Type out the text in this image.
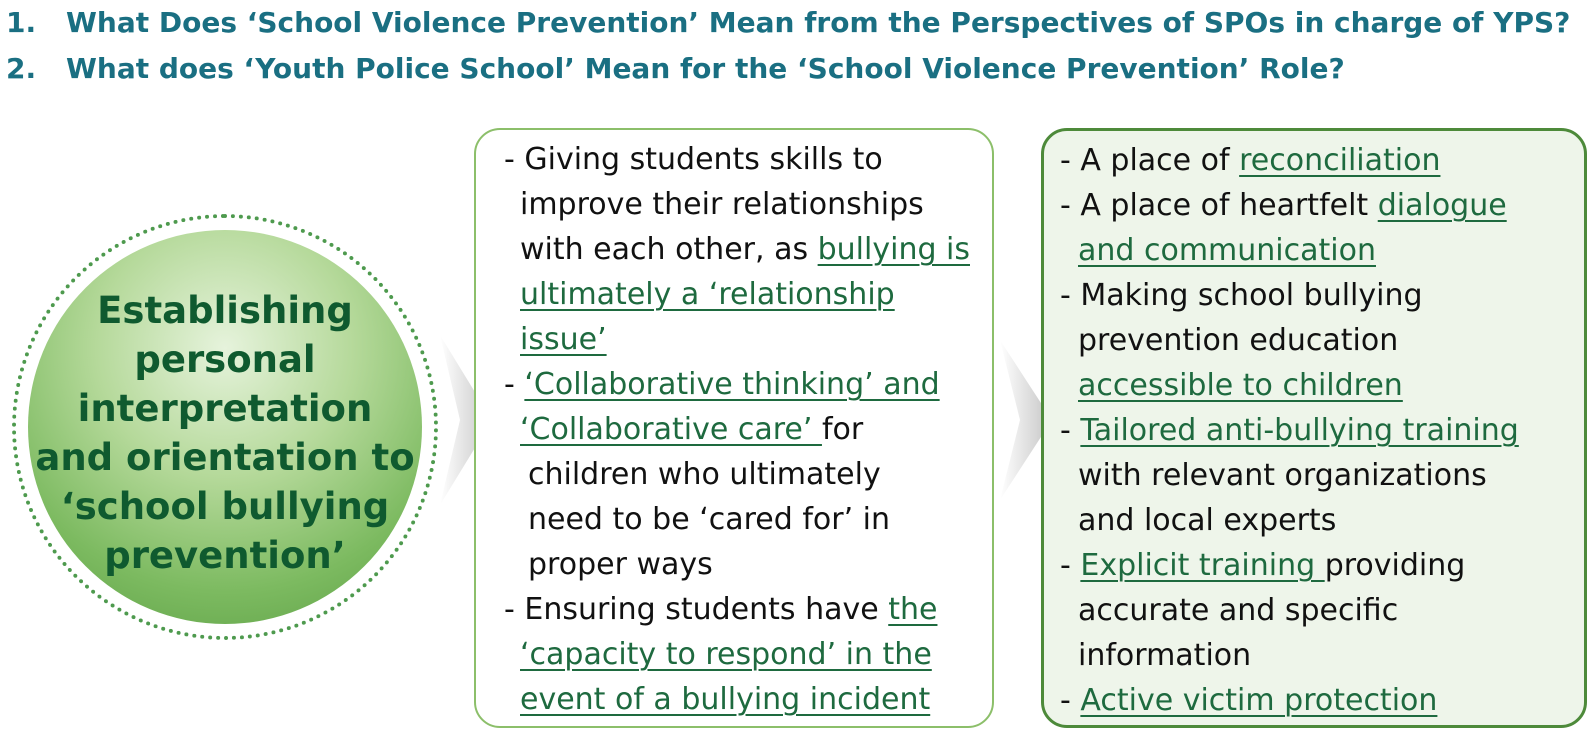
1.	What Does ‘School Violence Prevention’ Mean from the Perspectives of SPOs in charge of YPS?
2.	What does ‘Youth Police School’ Mean for the ‘School Violence Prevention’ Role?
Establishing
personal
interpretation
and orientation to
‘school bullying
prevention’
- Giving students skills to
improve their relationships
with each other, as bullying is
ultimately a ‘relationship
issue’
- ‘Collaborative thinking’ and
‘Collaborative care’ for
children who ultimately
need to be ‘cared for’ in
proper ways
- Ensuring students have the
‘capacity to respond’ in the
event of a bullying incident
- A place of reconciliation
- A place of heartfelt dialogue
and communication
- Making school bullying
prevention education
accessible to children
- Tailored anti-bullying training
with relevant organizations
and local experts
- Explicit training providing
accurate and specific
information
- Active victim protection
